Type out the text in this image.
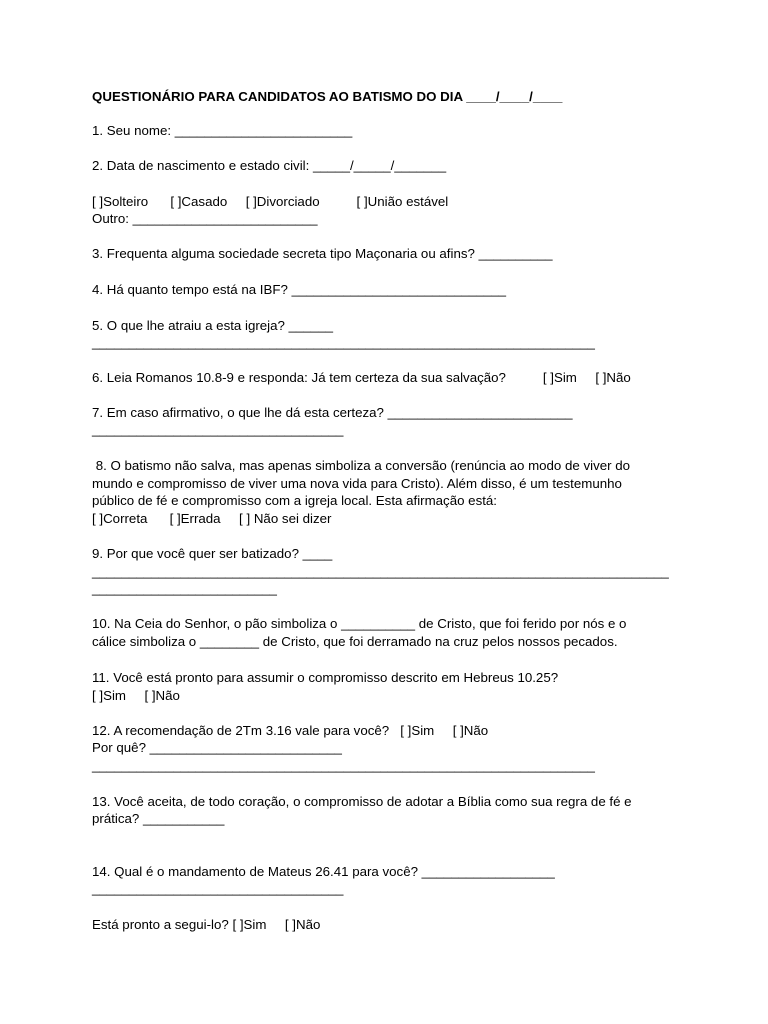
QUESTIONÁRIO PARA CANDIDATOS AO BATISMO DO DIA ____/____/____

1. Seu nome: ________________________

2. Data de nascimento e estado civil: _____/_____/_______

[ ]Solteiro      [ ]Casado     [ ]Divorciado          [ ]União estável

Outro: _________________________

3. Frequenta alguma sociedade secreta tipo Maçonaria ou afins? __________

4. Há quanto tempo está na IBF? _____________________________

5. O que lhe atraiu a esta igreja? ______

____________________________________________________________________

6. Leia Romanos 10.8-9 e responda: Já tem certeza da sua salvação?          [ ]Sim     [ ]Não

7. Em caso afirmativo, o que lhe dá esta certeza? _________________________

__________________________________

8. O batismo não salva, mas apenas simboliza a conversão (renúncia ao modo de viver do

mundo e compromisso de viver uma nova vida para Cristo). Além disso, é um testemunho

público de fé e compromisso com a igreja local. Esta afirmação está:

[ ]Correta      [ ]Errada     [ ] Não sei dizer

9. Por que você quer ser batizado? ____

______________________________________________________________________________

_________________________

10. Na Ceia do Senhor, o pão simboliza o __________ de Cristo, que foi ferido por nós e o

cálice simboliza o ________ de Cristo, que foi derramado na cruz pelos nossos pecados.

11. Você está pronto para assumir o compromisso descrito em Hebreus 10.25?

[ ]Sim     [ ]Não

12. A recomendação de 2Tm 3.16 vale para você?   [ ]Sim     [ ]Não

Por quê? __________________________

____________________________________________________________________

13. Você aceita, de todo coração, o compromisso de adotar a Bíblia como sua regra de fé e

prática? ___________

14. Qual é o mandamento de Mateus 26.41 para você? __________________

__________________________________

Está pronto a segui-lo? [ ]Sim     [ ]Não
